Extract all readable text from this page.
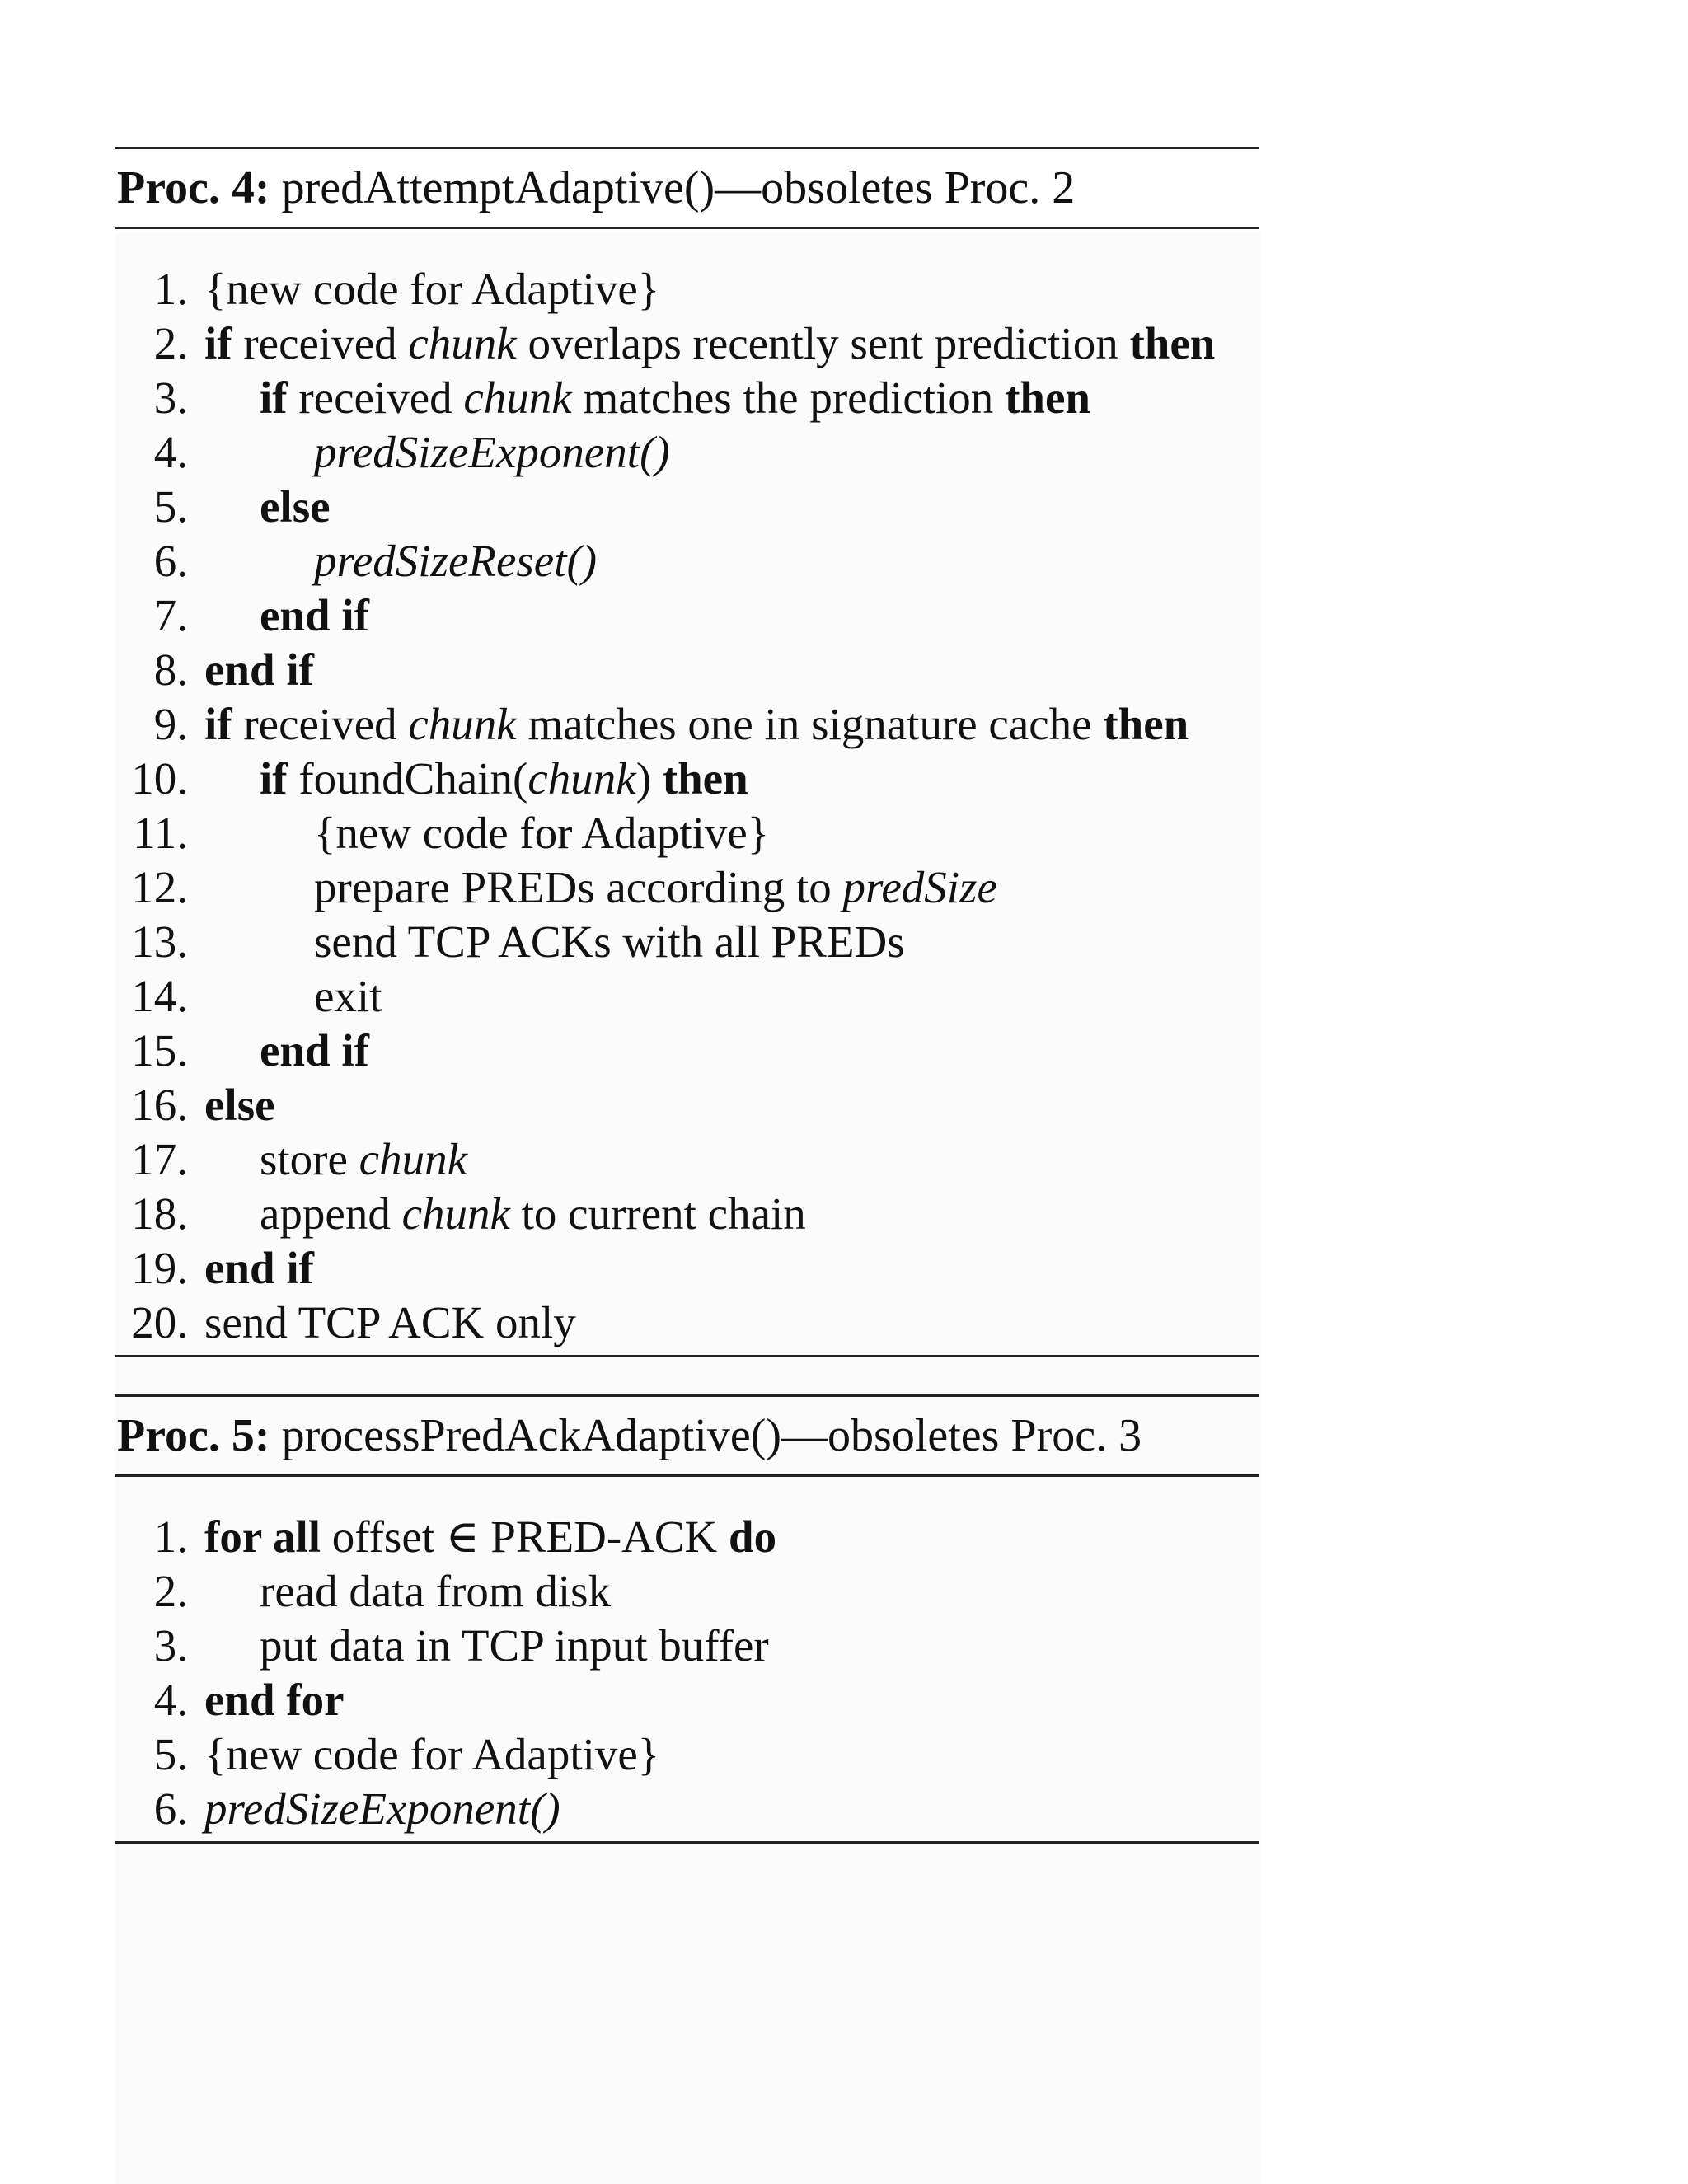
Proc. 4: predAttemptAdaptive()—obsoletes Proc. 2
1. {new code for Adaptive}
2. if received chunk overlaps recently sent prediction then
3.	if received chunk matches the prediction then
4.	predSizeExponent()
5.	else
6.	predSizeReset()
7.	end if
8. end if
9. if received chunk matches one in signature cache then
10.	if foundChain(chunk) then
11.	{new code for Adaptive}
12.	prepare PREDs according to predSize
13.	send TCP ACKs with all PREDs
14.	exit
15.	end if
16. else
17.	store chunk
18.	append chunk to current chain
19. end if
20. send TCP ACK only
Proc. 5: processPredAckAdaptive()—obsoletes Proc. 3
1. for all offset ∈ PRED-ACK do
2.	read data from disk
3.	put data in TCP input buffer
4. end for
5. {new code for Adaptive}
6. predSizeExponent()
